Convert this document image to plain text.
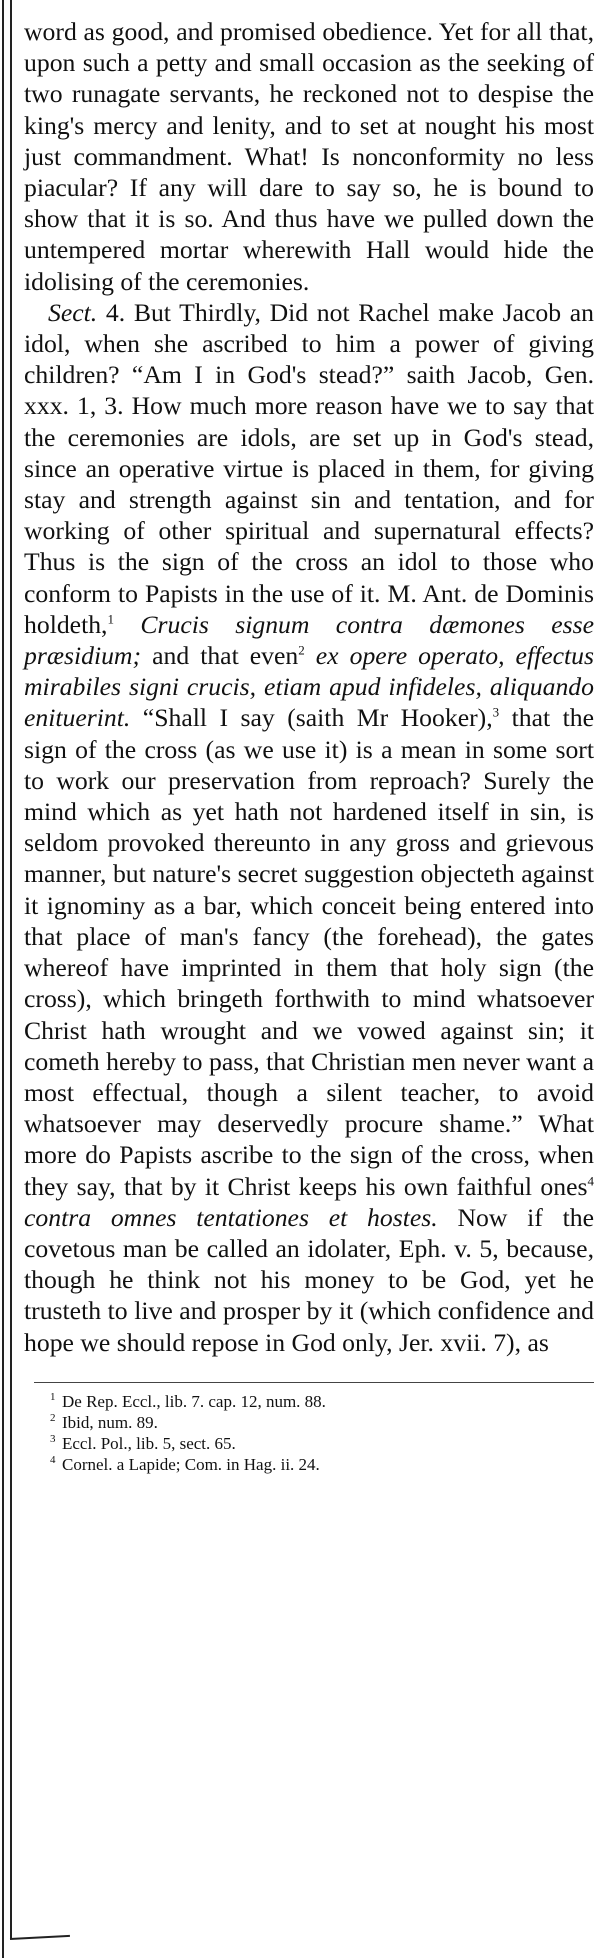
word as good, and promised obedience. Yet for all that, upon such a petty and small occasion as the seeking of two runagate servants, he reckoned not to despise the king's mercy and lenity, and to set at nought his most just commandment. What! Is nonconformity no less piacular? If any will dare to say so, he is bound to show that it is so. And thus have we pulled down the untempered mortar wherewith Hall would hide the idolising of the ceremonies.

Sect. 4. But Thirdly, Did not Rachel make Jacob an idol, when she ascribed to him a power of giving children? “Am I in God's stead?” saith Jacob, Gen. xxx. 1, 3. How much more reason have we to say that the ceremonies are idols, are set up in God's stead, since an operative virtue is placed in them, for giving stay and strength against sin and tentation, and for working of other spiritual and supernatural effects? Thus is the sign of the cross an idol to those who conform to Papists in the use of it. M. Ant. de Dominis holdeth,$^1$ Crucis signum contra dæmones esse præsidium; and that even$^2$ ex opere operato, effectus mirabiles signi crucis, etiam apud infideles, aliquando enituerint. “Shall I say (saith Mr Hooker),$^3$ that the sign of the cross (as we use it) is a mean in some sort to work our preservation from reproach? Surely the mind which as yet hath not hardened itself in sin, is seldom provoked thereunto in any gross and grievous manner, but nature's secret suggestion objecteth against it ignominy as a bar, which conceit being entered into that place of man's fancy (the forehead), the gates whereof have imprinted in them that holy sign (the cross), which bringeth forthwith to mind whatsoever Christ hath wrought and we vowed against sin; it cometh hereby to pass, that Christian men never want a most effectual, though a silent teacher, to avoid whatsoever may deservedly procure shame.” What more do Papists ascribe to the sign of the cross, when they say, that by it Christ keeps his own faithful ones$^4$ contra omnes tentationes et hostes. Now if the covetous man be called an idolater, Eph. v. 5, because, though he think not his money to be God, yet he trusteth to live and prosper by it (which confidence and hope we should repose in God only, Jer. xvii. 7), as

1 De Rep. Eccl., lib. 7. cap. 12, num. 88.
2 Ibid, num. 89.
3 Eccl. Pol., lib. 5, sect. 65.
4 Cornel. a Lapide; Com. in Hag. ii. 24.
